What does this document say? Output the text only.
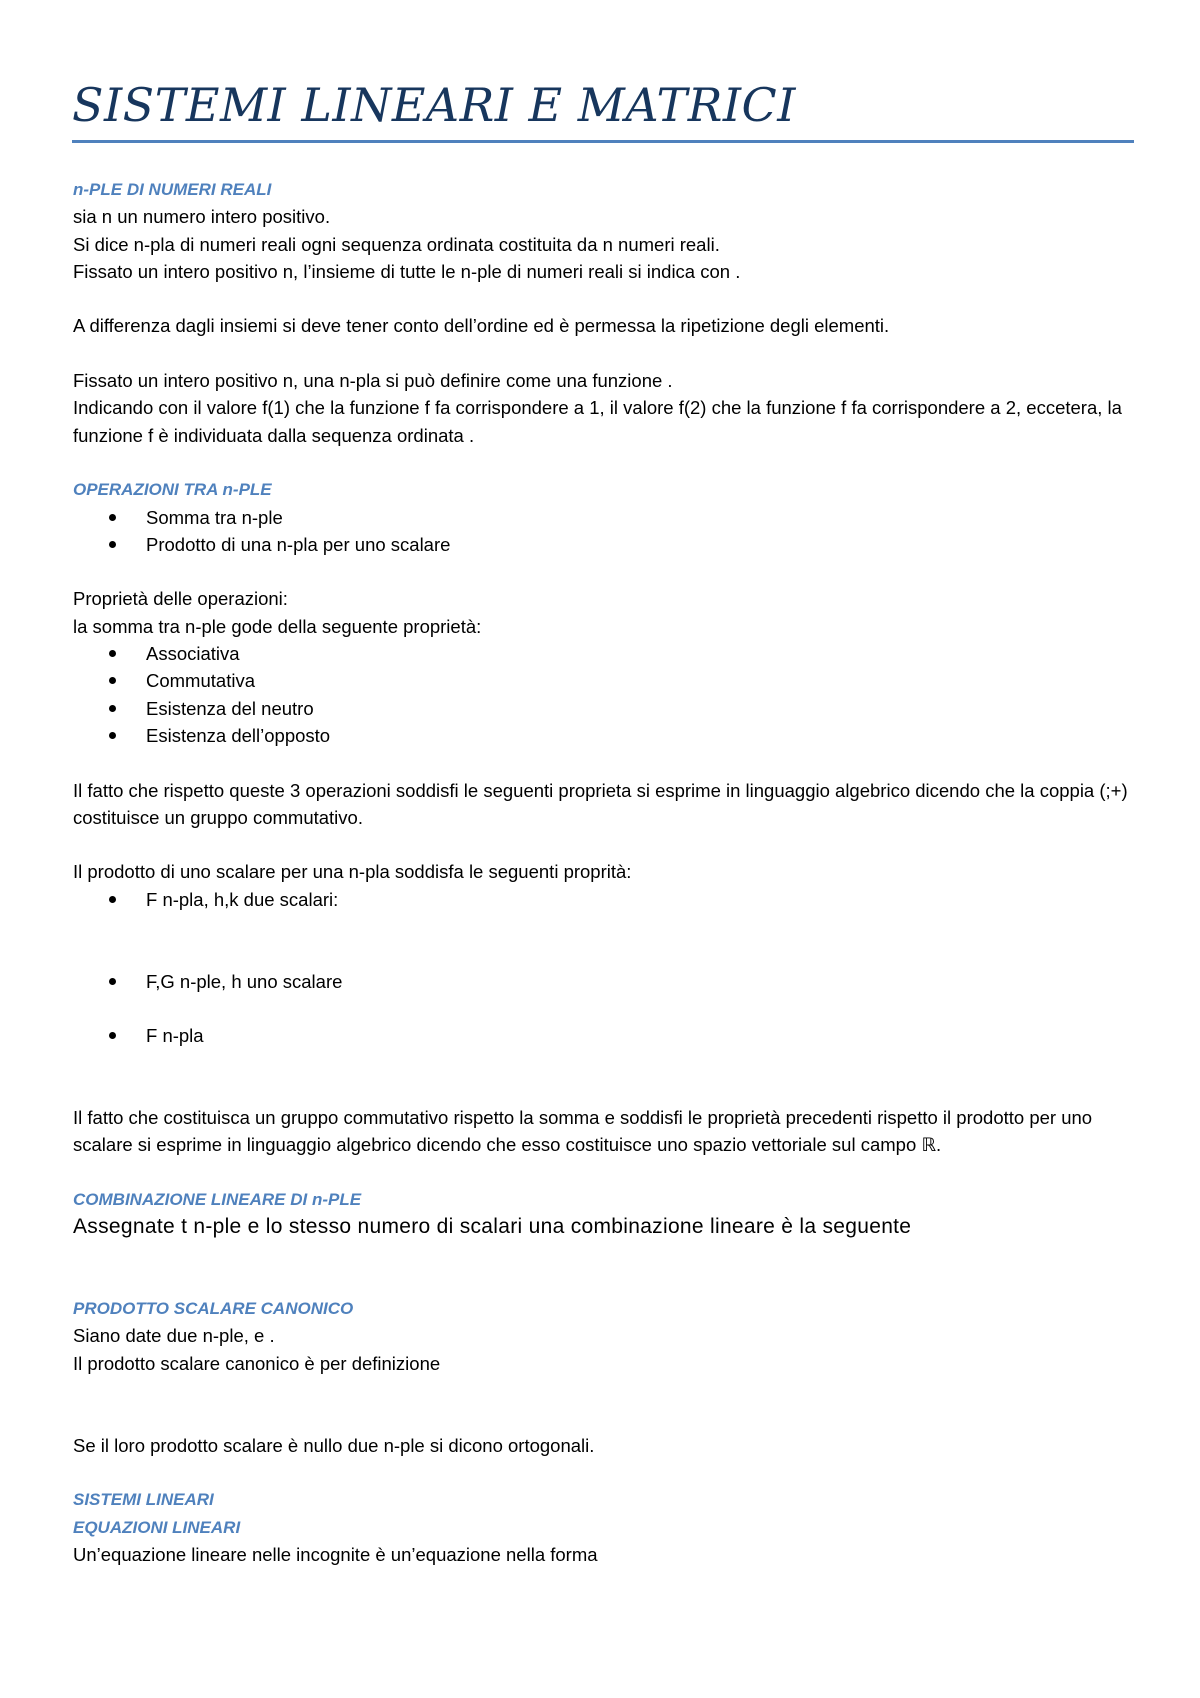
SISTEMI LINEARI E MATRICI

n-PLE DI NUMERI REALI

sia n un numero intero positivo.

Si dice n-pla di numeri reali ogni sequenza ordinata costituita da n numeri reali.

Fissato un intero positivo n, l’insieme di tutte le n-ple di numeri reali si indica con .

A differenza dagli insiemi si deve tener conto dell’ordine ed è permessa la ripetizione degli elementi.

Fissato un intero positivo n, una n-pla si può definire come una funzione .

Indicando con il valore f(1) che la funzione f fa corrispondere a 1, il valore f(2) che la funzione f fa corrispondere a 2, eccetera, la funzione f è individuata dalla sequenza ordinata .

OPERAZIONI TRA n-PLE

Somma tra n-ple
Prodotto di una n-pla per uno scalare

Proprietà delle operazioni:

la somma tra n-ple gode della seguente proprietà:

Associativa
Commutativa
Esistenza del neutro
Esistenza dell’opposto

Il fatto che rispetto queste 3 operazioni soddisfi le seguenti proprieta si esprime in linguaggio algebrico dicendo che la coppia (;+) costituisce un gruppo commutativo.

Il prodotto di uno scalare per una n-pla soddisfa le seguenti proprità:

F n-pla, h,k due scalari:
F,G n-ple, h uno scalare
F n-pla

Il fatto che costituisca un gruppo commutativo rispetto la somma e soddisfi le proprietà precedenti rispetto il prodotto per uno scalare si esprime in linguaggio algebrico dicendo che esso costituisce uno spazio vettoriale sul campo ℝ.

COMBINAZIONE LINEARE DI n-PLE

Assegnate t n-ple e lo stesso numero di scalari una combinazione lineare è la seguente

PRODOTTO SCALARE CANONICO

Siano date due n-ple, e .

Il prodotto scalare canonico è per definizione

Se il loro prodotto scalare è nullo due n-ple si dicono ortogonali.

SISTEMI LINEARI

EQUAZIONI LINEARI

Un’equazione lineare nelle incognite è un’equazione nella forma
